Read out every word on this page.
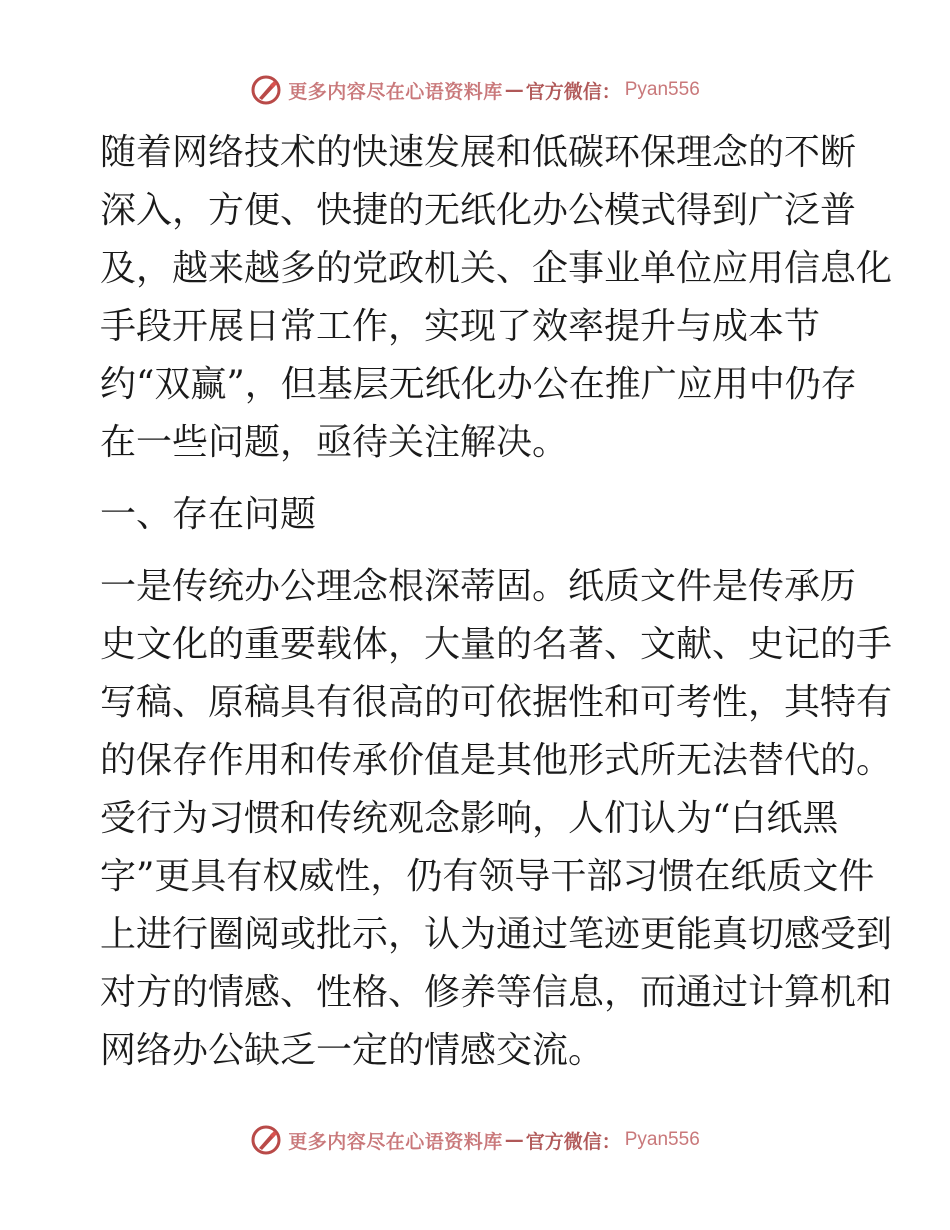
更多内容尽在心语资料库 — 官方微信： Pyan556
随着网络技术的快速发展和低碳环保理念的不断
深入，方便、快捷的无纸化办公模式得到广泛普
及，越来越多的党政机关、企事业单位应用信息化
手段开展日常工作，实现了效率提升与成本节
约“双赢”，但基层无纸化办公在推广应用中仍存
在一些问题，亟待关注解决。
一、存在问题
一是传统办公理念根深蒂固。纸质文件是传承历
史文化的重要载体，大量的名著、文献、史记的手
写稿、原稿具有很高的可依据性和可考性，其特有
的保存作用和传承价值是其他形式所无法替代的。
受行为习惯和传统观念影响，人们认为“白纸黑
字”更具有权威性，仍有领导干部习惯在纸质文件
上进行圈阅或批示，认为通过笔迹更能真切感受到
对方的情感、性格、修养等信息，而通过计算机和
网络办公缺乏一定的情感交流。
更多内容尽在心语资料库 — 官方微信： Pyan556
